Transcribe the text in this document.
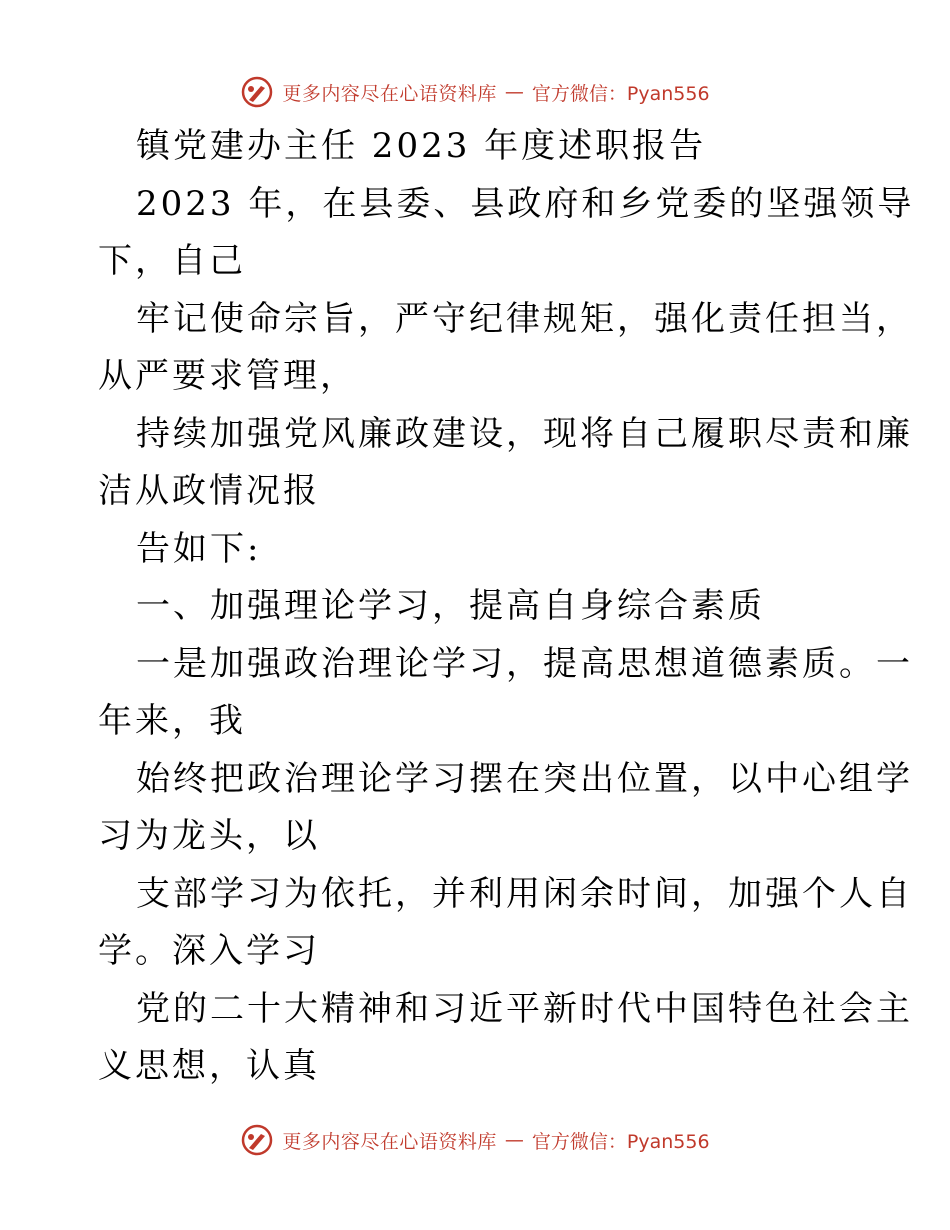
更多内容尽在心语资料库 — 官方微信：Pyan556
镇党建办主任 2023 年度述职报告
2023 年，在县委、县政府和乡党委的坚强领导
下，自己
牢记使命宗旨，严守纪律规矩，强化责任担当，
从严要求管理，
持续加强党风廉政建设，现将自己履职尽责和廉
洁从政情况报
告如下:
一、加强理论学习，提高自身综合素质
一是加强政治理论学习，提高思想道德素质。一
年来，我
始终把政治理论学习摆在突出位置，以中心组学
习为龙头，以
支部学习为依托，并利用闲余时间，加强个人自
学。深入学习
党的二十大精神和习近平新时代中国特色社会主
义思想，认真
更多内容尽在心语资料库 — 官方微信：Pyan556
